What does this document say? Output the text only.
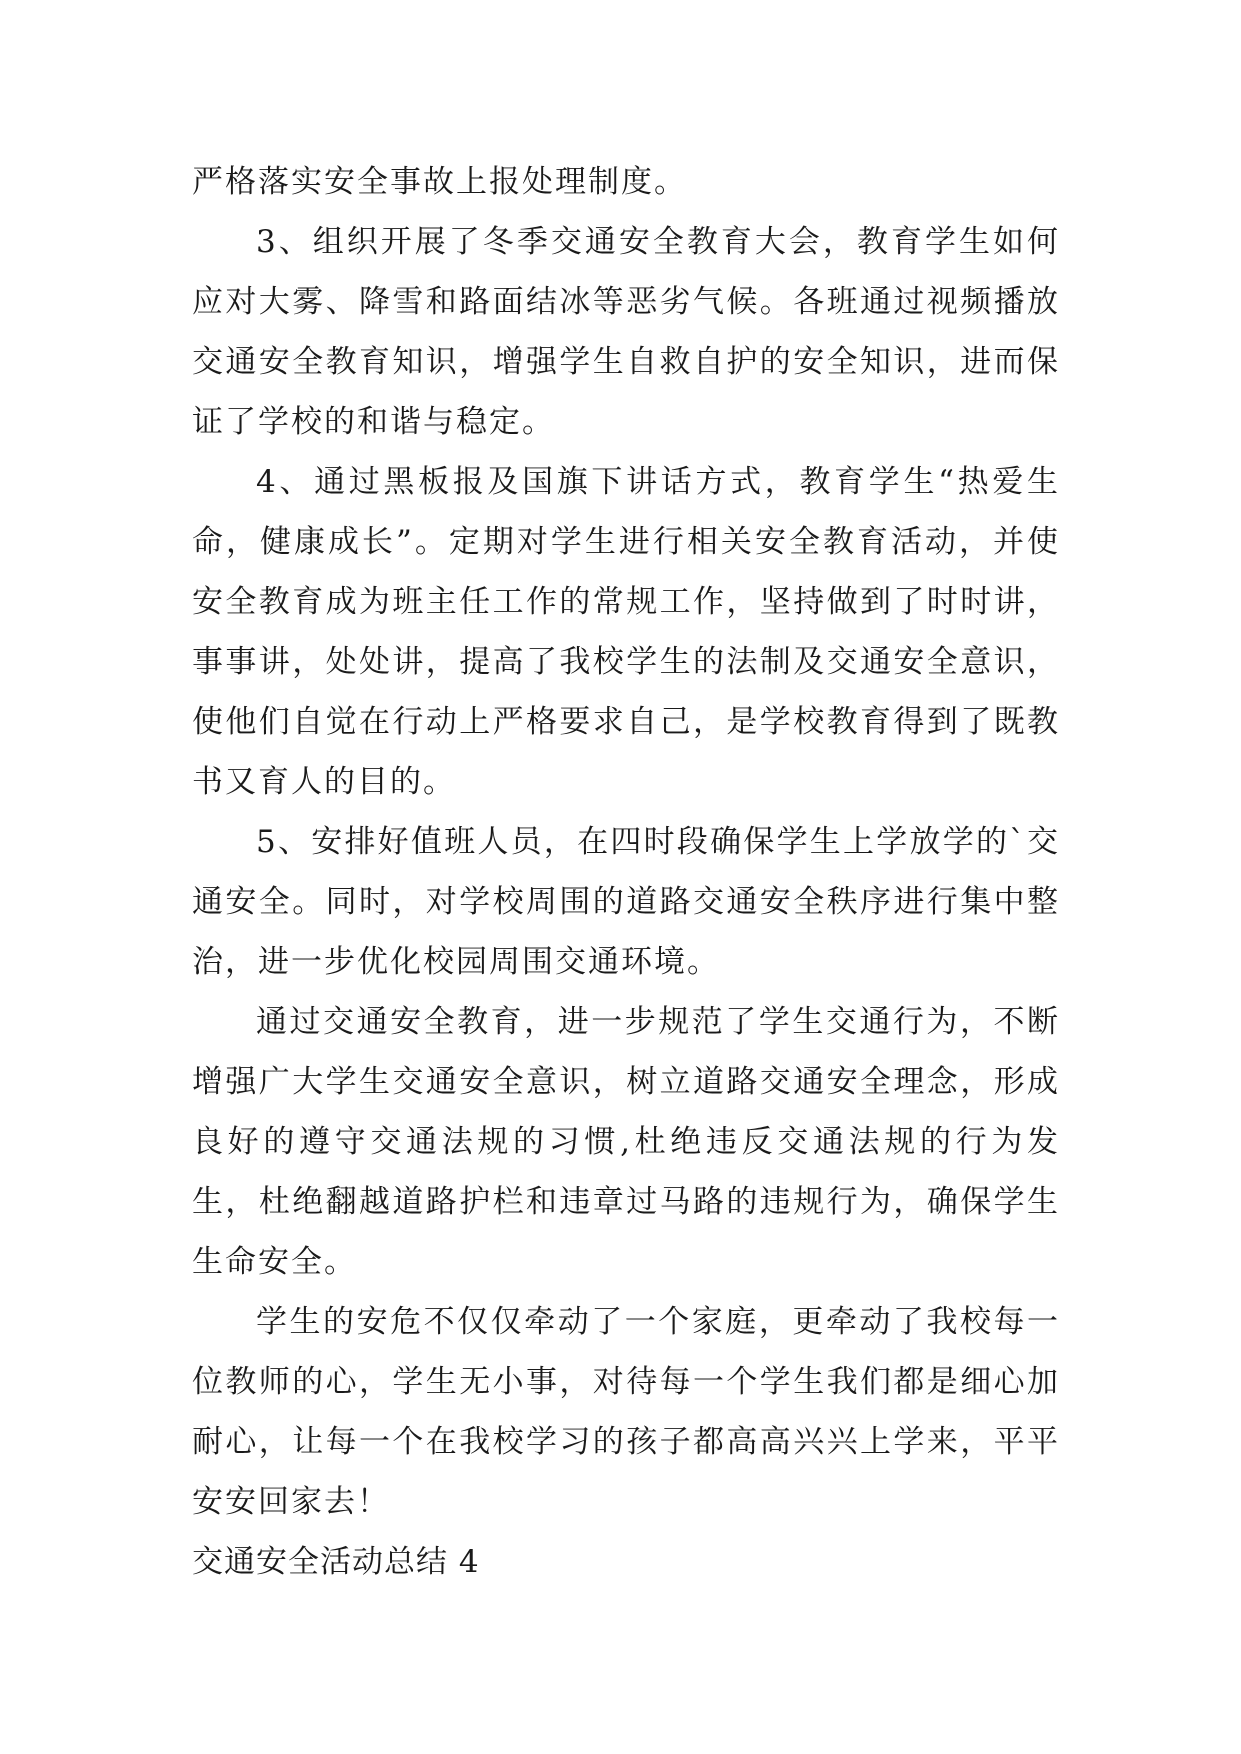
严格落实安全事故上报处理制度。

3、组织开展了冬季交通安全教育大会，教育学生如何应对大雾、降雪和路面结冰等恶劣气候。各班通过视频播放交通安全教育知识，增强学生自救自护的安全知识，进而保证了学校的和谐与稳定。

4、通过黑板报及国旗下讲话方式，教育学生“热爱生命，健康成长”。定期对学生进行相关安全教育活动，并使安全教育成为班主任工作的常规工作，坚持做到了时时讲，事事讲，处处讲，提高了我校学生的法制及交通安全意识，使他们自觉在行动上严格要求自己，是学校教育得到了既教书又育人的目的。

5、安排好值班人员，在四时段确保学生上学放学的`交通安全。同时，对学校周围的道路交通安全秩序进行集中整治，进一步优化校园周围交通环境。

通过交通安全教育，进一步规范了学生交通行为，不断增强广大学生交通安全意识，树立道路交通安全理念，形成良好的遵守交通法规的习惯,杜绝违反交通法规的行为发生，杜绝翻越道路护栏和违章过马路的违规行为，确保学生生命安全。

学生的安危不仅仅牵动了一个家庭，更牵动了我校每一位教师的心，学生无小事，对待每一个学生我们都是细心加耐心，让每一个在我校学习的孩子都高高兴兴上学来，平平安安回家去！

交通安全活动总结 4
